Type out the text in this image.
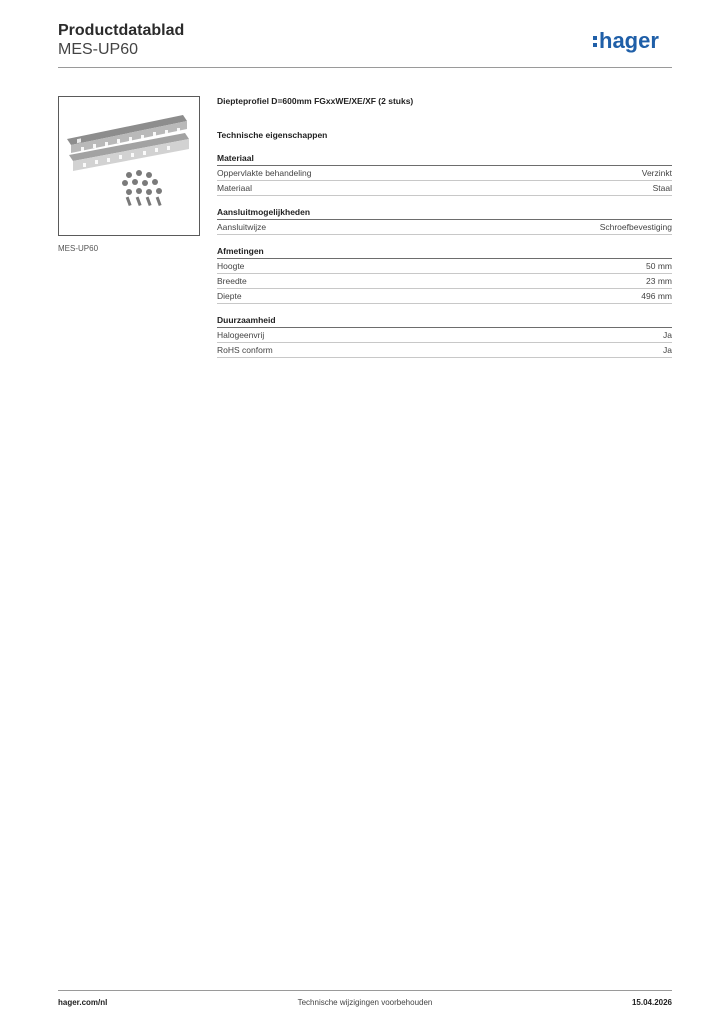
Productdatablad
MES-UP60	hager
MES-UP60
Diepteprofiel D=600mm FGxxWE/XE/XF (2 stuks)
Technische eigenschappen
Materiaal
Oppervlakte behandeling	Verzinkt
Materiaal	Staal
Aansluitmogelijkheden
Aansluitwijze	Schroefbevestiging
Afmetingen
Hoogte	50 mm
Breedte	23 mm
Diepte	496 mm
Duurzaamheid
Halogeenvrij	Ja
RoHS conform	Ja
hager.com/nl	Technische wijzigingen voorbehouden	15.04.2026
